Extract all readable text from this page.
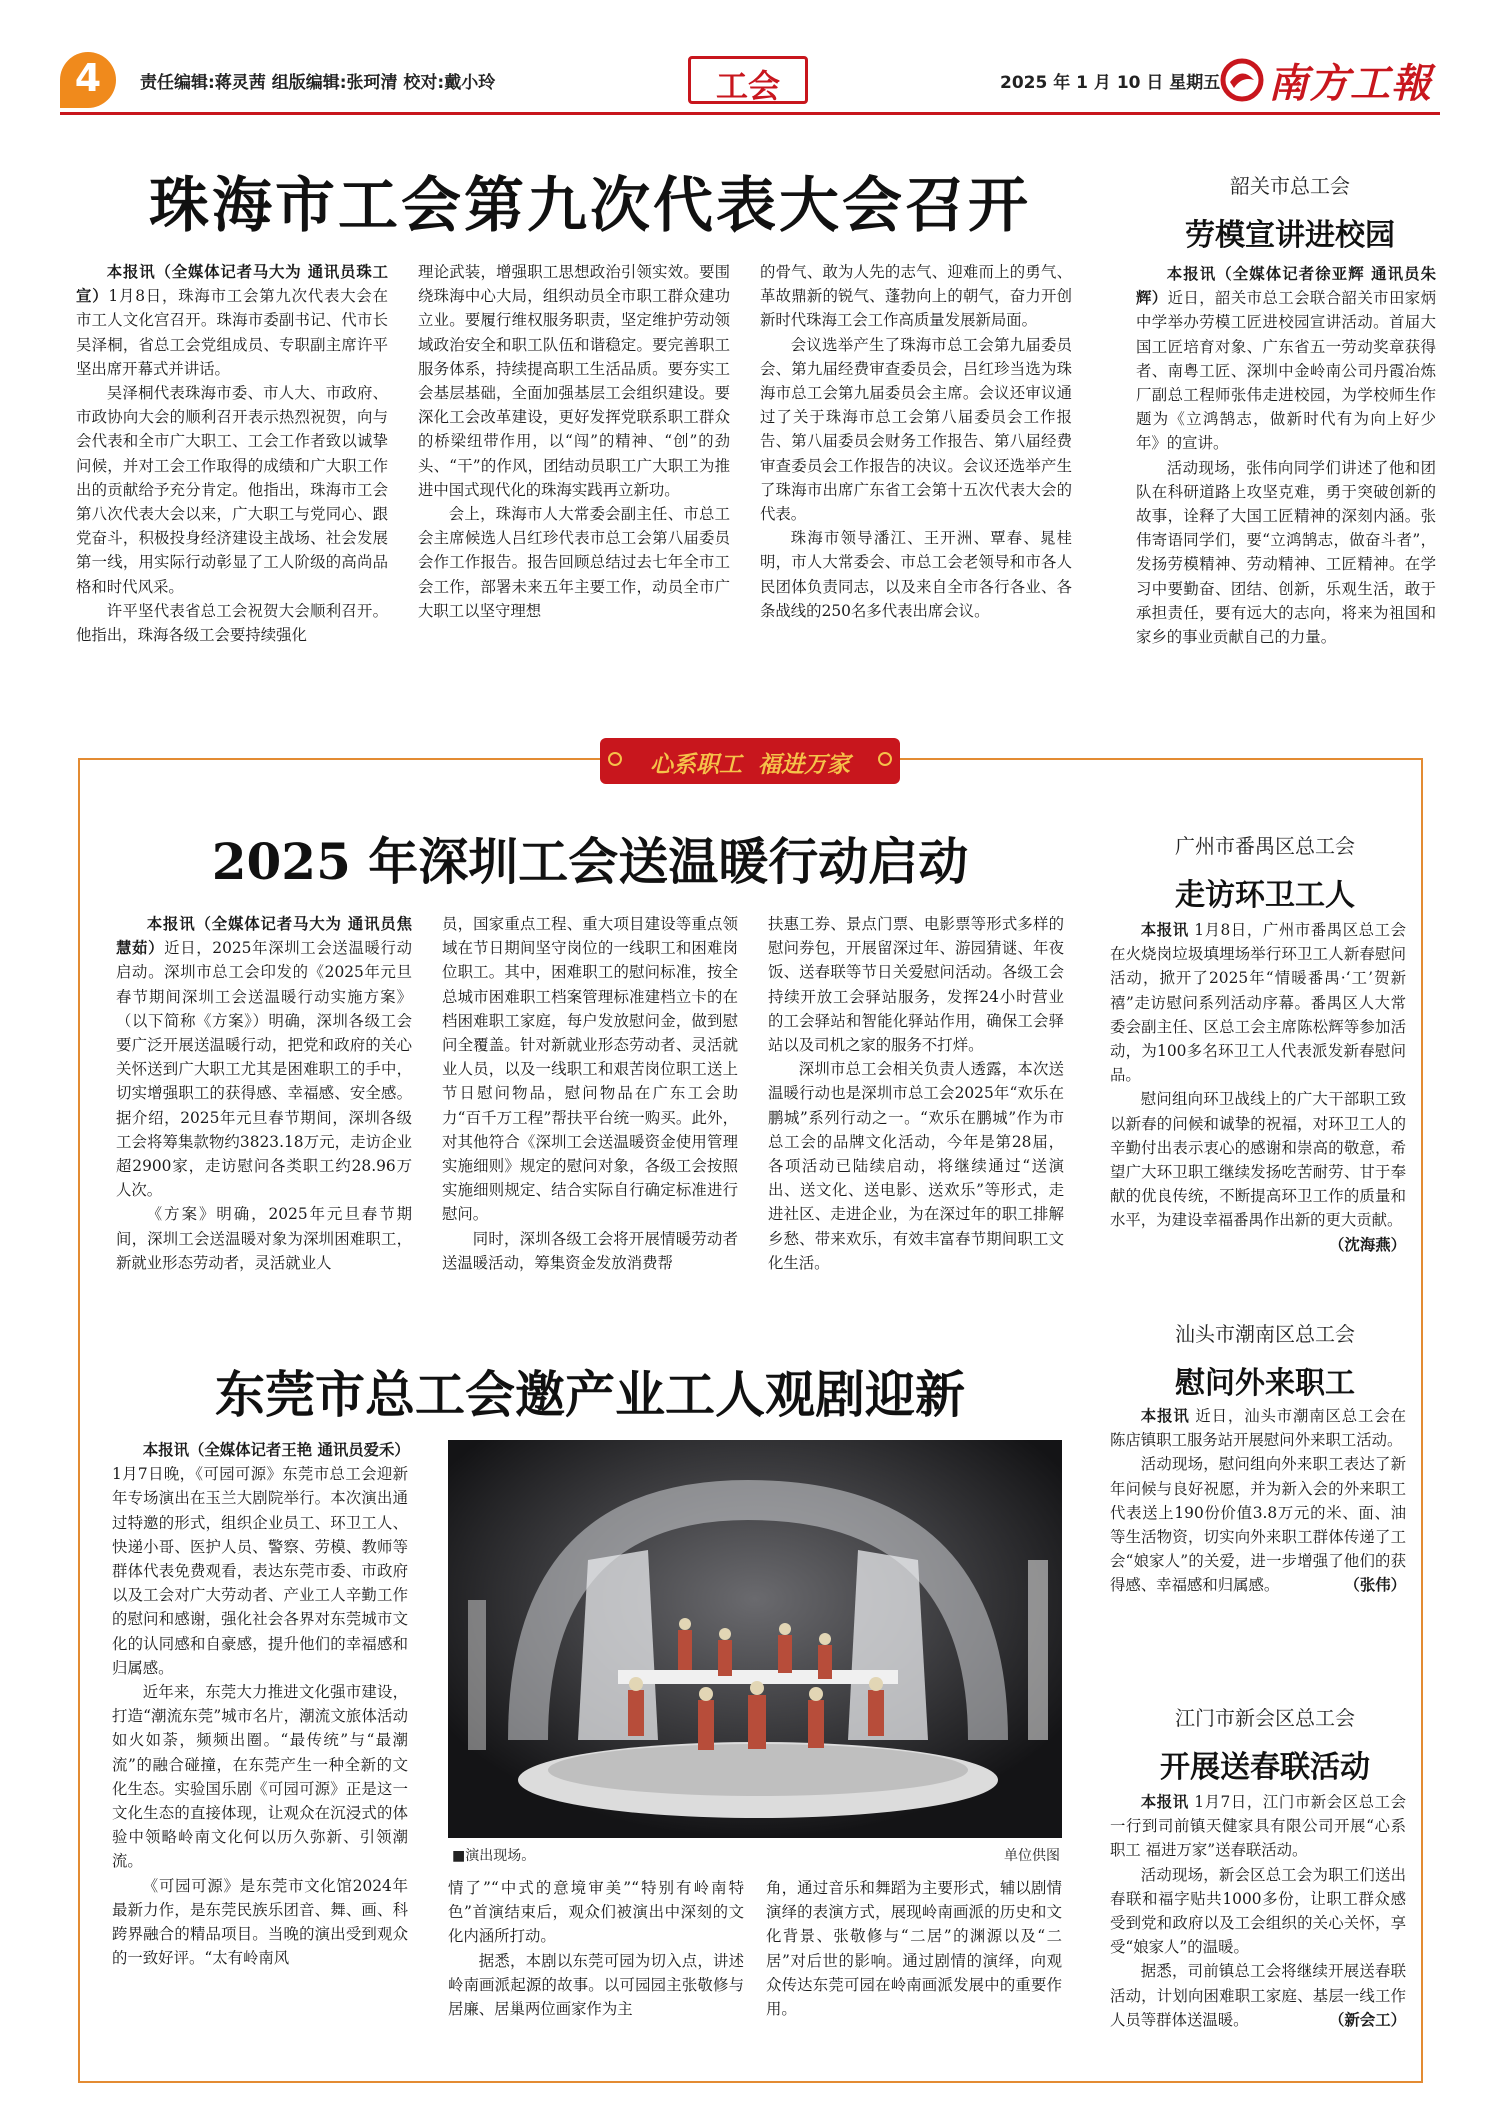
4	责任编辑:蒋灵茜 组版编辑:张珂清 校对:戴小玲	工会	2025 年 1 月 10 日 星期五 南方工報
珠海市工会第九次代表大会召开

本报讯（全媒体记者马大为 通讯员珠工宣）1月8日，珠海市工会第九次代表大会在市工人文化宫召开。珠海市委副书记、代市长吴泽桐，省总工会党组成员、专职副主席许平坚出席开幕式并讲话。

吴泽桐代表珠海市委、市人大、市政府、市政协向大会的顺利召开表示热烈祝贺，向与会代表和全市广大职工、工会工作者致以诚挚问候，并对工会工作取得的成绩和广大职工作出的贡献给予充分肯定。他指出，珠海市工会第八次代表大会以来，广大职工与党同心、跟党奋斗，积极投身经济建设主战场、社会发展第一线，用实际行动彰显了工人阶级的高尚品格和时代风采。

许平坚代表省总工会祝贺大会顺利召开。他指出，珠海各级工会要持续强化

理论武装，增强职工思想政治引领实效。要围绕珠海中心大局，组织动员全市职工群众建功立业。要履行维权服务职责，坚定维护劳动领域政治安全和职工队伍和谐稳定。要完善职工服务体系，持续提高职工生活品质。要夯实工会基层基础，全面加强基层工会组织建设。要深化工会改革建设，更好发挥党联系职工群众的桥梁纽带作用，以“闯”的精神、“创”的劲头、“干”的作风，团结动员职工广大职工为推进中国式现代化的珠海实践再立新功。

会上，珠海市人大常委会副主任、市总工会主席候选人吕红珍代表市总工会第八届委员会作工作报告。报告回顾总结过去七年全市工会工作，部署未来五年主要工作，动员全市广大职工以坚守理想

的骨气、敢为人先的志气、迎难而上的勇气、革故鼎新的锐气、蓬勃向上的朝气，奋力开创新时代珠海工会工作高质量发展新局面。

会议选举产生了珠海市总工会第九届委员会、第九届经费审查委员会，吕红珍当选为珠海市总工会第九届委员会主席。会议还审议通过了关于珠海市总工会第八届委员会工作报告、第八届委员会财务工作报告、第八届经费审查委员会工作报告的决议。会议还选举产生了珠海市出席广东省工会第十五次代表大会的代表。

珠海市领导潘江、王开洲、覃春、晁桂明，市人大常委会、市总工会老领导和市各人民团体负责同志，以及来自全市各行各业、各条战线的250名多代表出席会议。

韶关市总工会
劳模宣讲进校园

本报讯（全媒体记者徐亚辉 通讯员朱辉）近日，韶关市总工会联合韶关市田家炳中学举办劳模工匠进校园宣讲活动。首届大国工匠培育对象、广东省五一劳动奖章获得者、南粤工匠、深圳中金岭南公司丹霞冶炼厂副总工程师张伟走进校园，为学校师生作题为《立鸿鹄志，做新时代有为向上好少年》的宣讲。

活动现场，张伟向同学们讲述了他和团队在科研道路上攻坚克难，勇于突破创新的故事，诠释了大国工匠精神的深刻内涵。张伟寄语同学们，要“立鸿鹄志，做奋斗者”，发扬劳模精神、劳动精神、工匠精神。在学习中要勤奋、团结、创新，乐观生活，敢于承担责任，要有远大的志向，将来为祖国和家乡的事业贡献自己的力量。

心系职工  福进万家
2025 年深圳工会送温暖行动启动

本报讯（全媒体记者马大为 通讯员焦慧茹）近日，2025年深圳工会送温暖行动启动。深圳市总工会印发的《2025年元旦春节期间深圳工会送温暖行动实施方案》（以下简称《方案》）明确，深圳各级工会要广泛开展送温暖行动，把党和政府的关心关怀送到广大职工尤其是困难职工的手中，切实增强职工的获得感、幸福感、安全感。据介绍，2025年元旦春节期间，深圳各级工会将筹集款物约3823.18万元，走访企业超2900家，走访慰问各类职工约28.96万人次。

《方案》明确，2025年元旦春节期间，深圳工会送温暖对象为深圳困难职工，新就业形态劳动者，灵活就业人

员，国家重点工程、重大项目建设等重点领域在节日期间坚守岗位的一线职工和困难岗位职工。其中，困难职工的慰问标准，按全总城市困难职工档案管理标准建档立卡的在档困难职工家庭，每户发放慰问金，做到慰问全覆盖。针对新就业形态劳动者、灵活就业人员，以及一线职工和艰苦岗位职工送上节日慰问物品，慰问物品在广东工会助力“百千万工程”帮扶平台统一购买。此外，对其他符合《深圳工会送温暖资金使用管理实施细则》规定的慰问对象，各级工会按照实施细则规定、结合实际自行确定标准进行慰问。

同时，深圳各级工会将开展情暖劳动者送温暖活动，筹集资金发放消费帮

扶惠工券、景点门票、电影票等形式多样的慰问券包，开展留深过年、游园猜谜、年夜饭、送春联等节日关爱慰问活动。各级工会持续开放工会驿站服务，发挥24小时营业的工会驿站和智能化驿站作用，确保工会驿站以及司机之家的服务不打烊。

深圳市总工会相关负责人透露，本次送温暖行动也是深圳市总工会2025年“欢乐在鹏城”系列行动之一。“欢乐在鹏城”作为市总工会的品牌文化活动，今年是第28届，各项活动已陆续启动，将继续通过“送演出、送文化、送电影、送欢乐”等形式，走进社区、走进企业，为在深过年的职工排解乡愁、带来欢乐，有效丰富春节期间职工文化生活。

广州市番禺区总工会
走访环卫工人

本报讯 1月8日，广州市番禺区总工会在火烧岗垃圾填埋场举行环卫工人新春慰问活动，掀开了2025年“情暖番禺·‘工’贺新禧”走访慰问系列活动序幕。番禺区人大常委会副主任、区总工会主席陈松辉等参加活动，为100多名环卫工人代表派发新春慰问品。

慰问组向环卫战线上的广大干部职工致以新春的问候和诚挚的祝福，对环卫工人的辛勤付出表示衷心的感谢和崇高的敬意，希望广大环卫职工继续发扬吃苦耐劳、甘于奉献的优良传统，不断提高环卫工作的质量和水平，为建设幸福番禺作出新的更大贡献。
（沈海燕）

东莞市总工会邀产业工人观剧迎新

本报讯（全媒体记者王艳 通讯员爱禾）1月7日晚，《可园可源》东莞市总工会迎新年专场演出在玉兰大剧院举行。本次演出通过特邀的形式，组织企业员工、环卫工人、快递小哥、医护人员、警察、劳模、教师等群体代表免费观看，表达东莞市委、市政府以及工会对广大劳动者、产业工人辛勤工作的慰问和感谢，强化社会各界对东莞城市文化的认同感和自豪感，提升他们的幸福感和归属感。

近年来，东莞大力推进文化强市建设，打造“潮流东莞”城市名片，潮流文旅体活动如火如荼，频频出圈。“最传统”与“最潮流”的融合碰撞，在东莞产生一种全新的文化生态。实验国乐剧《可园可源》正是这一文化生态的直接体现，让观众在沉浸式的体验中领略岭南文化何以历久弥新、引领潮流。

《可园可源》是东莞市文化馆2024年最新力作，是东莞民族乐团音、舞、画、科跨界融合的精品项目。当晚的演出受到观众的一致好评。“太有岭南风

■演出现场。	单位供图

情了”“中式的意境审美”“特别有岭南特色”首演结束后，观众们被演出中深刻的文化内涵所打动。

据悉，本剧以东莞可园为切入点，讲述岭南画派起源的故事。以可园园主张敬修与居廉、居巢两位画家作为主

角，通过音乐和舞蹈为主要形式，辅以剧情演绎的表演方式，展现岭南画派的历史和文化背景、张敬修与“二居”的渊源以及“二居”对后世的影响。通过剧情的演绎，向观众传达东莞可园在岭南画派发展中的重要作用。

汕头市潮南区总工会
慰问外来职工

本报讯 近日，汕头市潮南区总工会在陈店镇职工服务站开展慰问外来职工活动。

活动现场，慰问组向外来职工表达了新年问候与良好祝愿，并为新入会的外来职工代表送上190份价值3.8万元的米、面、油等生活物资，切实向外来职工群体传递了工会“娘家人”的关爱，进一步增强了他们的获得感、幸福感和归属感。	（张伟）

江门市新会区总工会
开展送春联活动

本报讯 1月7日，江门市新会区总工会一行到司前镇天健家具有限公司开展“心系职工 福进万家”送春联活动。

活动现场，新会区总工会为职工们送出春联和福字贴共1000多份，让职工群众感受到党和政府以及工会组织的关心关怀，享受“娘家人”的温暖。

据悉，司前镇总工会将继续开展送春联活动，计划向困难职工家庭、基层一线工作人员等群体送温暖。	（新会工）
